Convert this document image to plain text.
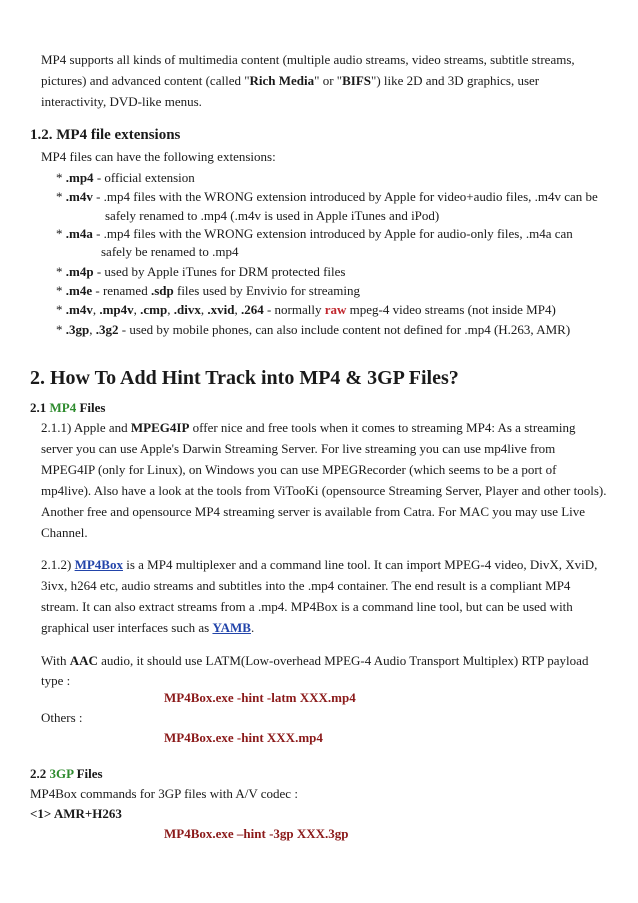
MP4 supports all kinds of multimedia content (multiple audio streams, video streams, subtitle streams,
pictures) and advanced content (called "Rich Media" or "BIFS") like 2D and 3D graphics, user
interactivity, DVD-like menus.
1.2. MP4 file extensions
MP4 files can have the following extensions:
* .mp4 - official extension
* .m4v - .mp4 files with the WRONG extension introduced by Apple for video+audio files, .m4v can be
safely renamed to .mp4 (.m4v is used in Apple iTunes and iPod)
* .m4a - .mp4 files with the WRONG extension introduced by Apple for audio-only files, .m4a can
safely be renamed to .mp4
* .m4p - used by Apple iTunes for DRM protected files
* .m4e - renamed .sdp files used by Envivio for streaming
* .m4v, .mp4v, .cmp, .divx, .xvid, .264 - normally raw mpeg-4 video streams (not inside MP4)
* .3gp, .3g2 - used by mobile phones, can also include content not defined for .mp4 (H.263, AMR)
2. How To Add Hint Track into MP4 & 3GP Files?
2.1 MP4 Files
2.1.1) Apple and MPEG4IP offer nice and free tools when it comes to streaming MP4: As a streaming
server you can use Apple's Darwin Streaming Server. For live streaming you can use mp4live from
MPEG4IP (only for Linux), on Windows you can use MPEGRecorder (which seems to be a port of
mp4live). Also have a look at the tools from ViTooKi (opensource Streaming Server, Player and other tools).
Another free and opensource MP4 streaming server is available from Catra. For MAC you may use Live
Channel.
2.1.2) MP4Box is a MP4 multiplexer and a command line tool. It can import MPEG-4 video, DivX, XviD,
3ivx, h264 etc, audio streams and subtitles into the .mp4 container. The end result is a compliant MP4
stream. It can also extract streams from a .mp4. MP4Box is a command line tool, but can be used with
graphical user interfaces such as YAMB.
With AAC audio, it should use LATM(Low-overhead MPEG-4 Audio Transport Multiplex) RTP payload
type :
MP4Box.exe -hint -latm XXX.mp4
Others :
MP4Box.exe -hint XXX.mp4
2.2 3GP Files
MP4Box commands for 3GP files with A/V codec :
<1> AMR+H263
MP4Box.exe –hint -3gp XXX.3gp
